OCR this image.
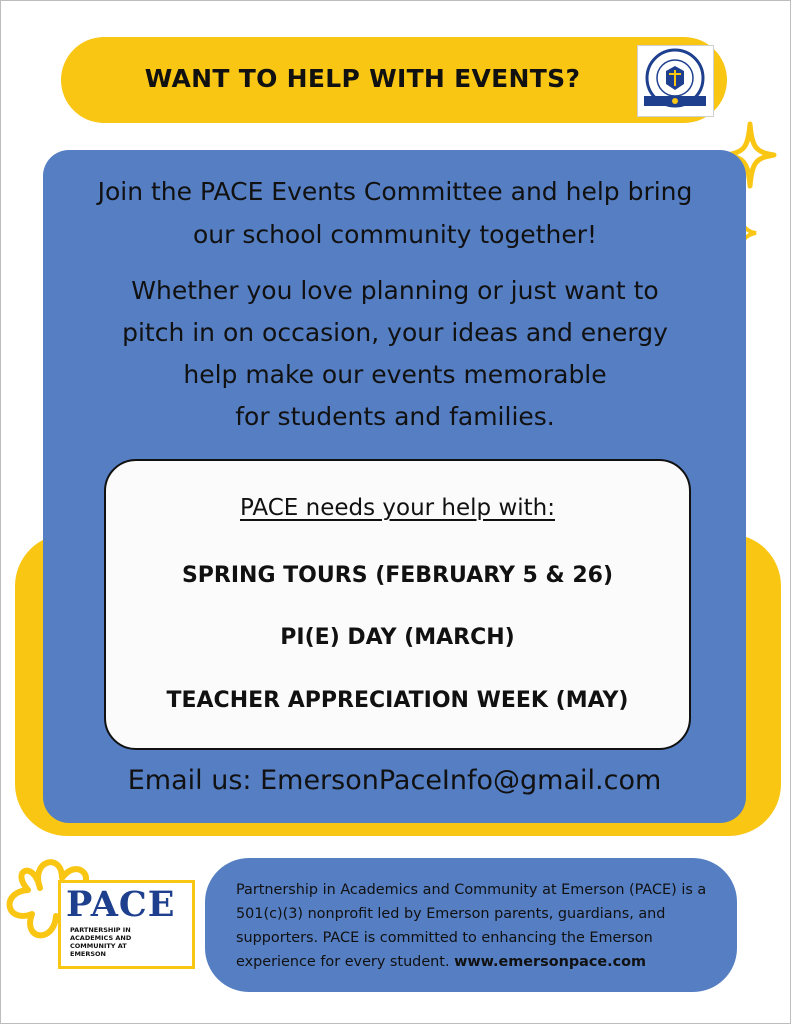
WANT TO HELP WITH EVENTS?
Join the PACE Events Committee and help bring
our school community together!
Whether you love planning or just want to
pitch in on occasion, your ideas and energy
help make our events memorable
for students and families.
PACE needs your help with:
SPRING TOURS (FEBRUARY 5 & 26)
PI(E) DAY (MARCH)
TEACHER APPRECIATION WEEK (MAY)
Email us: EmersonPaceInfo@gmail.com
PACE
PARTNERSHIP IN
ACADEMICS AND
COMMUNITY AT
EMERSON
Partnership in Academics and Community at Emerson (PACE) is a 501(c)(3) nonprofit led by Emerson parents, guardians, and supporters. PACE is committed to enhancing the Emerson experience for every student. www.emersonpace.com
